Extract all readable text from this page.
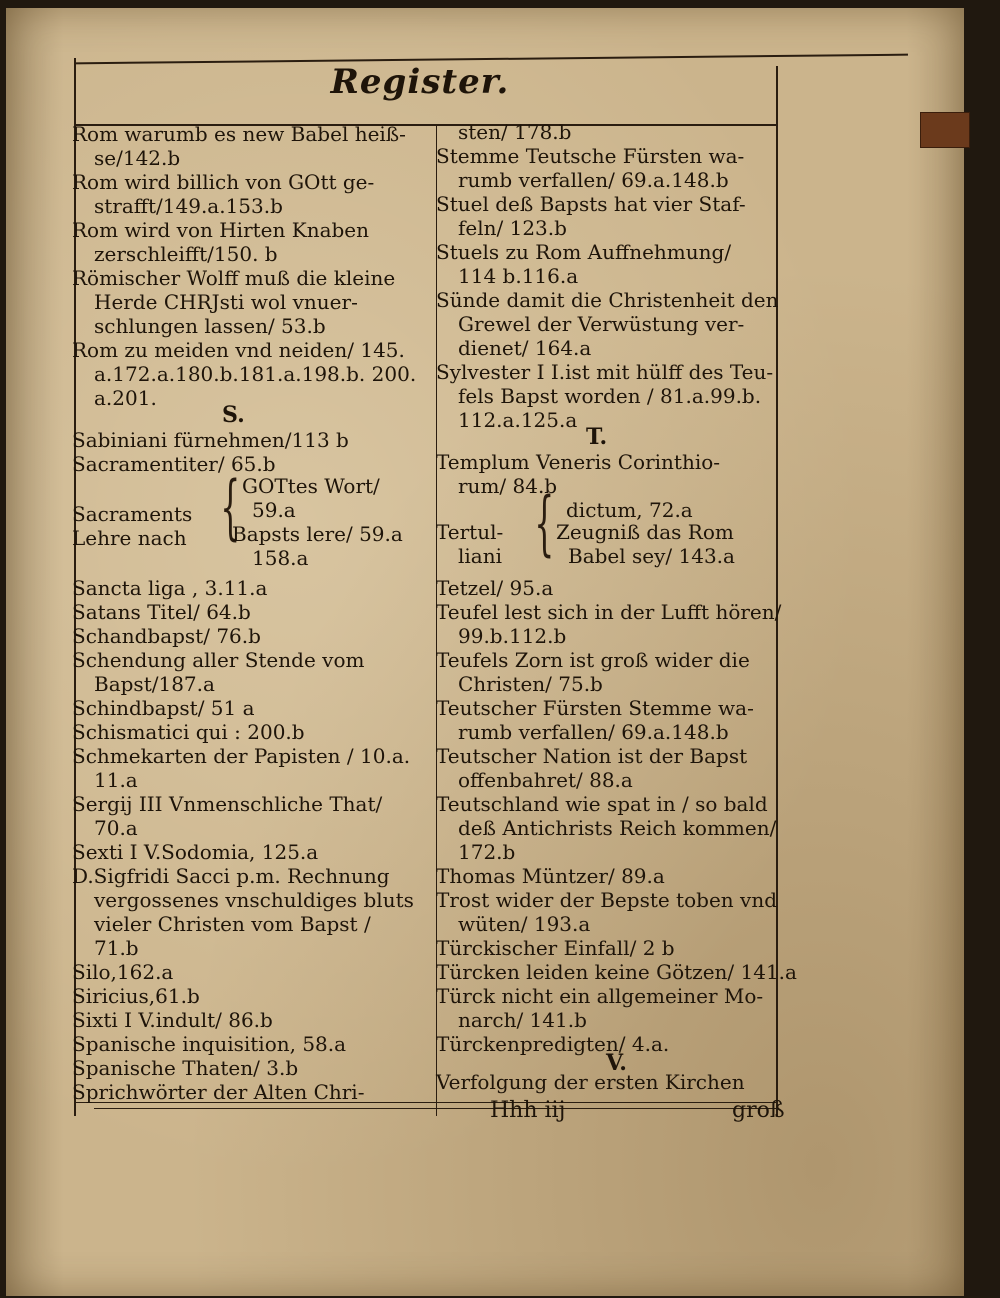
Register.
Rom warumb es new Babel heiß-
se/142.b
Rom wird billich von GOtt ge-
strafft/149.a.153.b
Rom wird von Hirten Knaben
zerschleifft/150. b
Römischer Wolff muß die kleine
Herde CHRJsti wol vnuer-
schlungen lassen/ 53.b
Rom zu meiden vnd neiden/ 145.
a.172.a.180.b.181.a.198.b. 200.
a.201.
S.
Sabiniani fürnehmen/113 b
Sacramentiter/ 65.b
GOTtes Wort/
59.a
{
Sacraments
Lehre nach Bapsts lere/ 59.a
158.a
Sancta liga , 3.11.a
Satans Titel/ 64.b
Schandbapst/ 76.b
Schendung aller Stende vom
Bapst/187.a
Schindbapst/ 51 a
Schismatici qui : 200.b
Schmekarten der Papisten / 10.a.
11.a
Sergij III Vnmenschliche That/
70.a
Sexti I V.Sodomia, 125.a
D.Sigfridi Sacci p.m. Rechnung
vergossenes vnschuldiges bluts
vieler Christen vom Bapst /
71.b
Silo,162.a
Siricius,61.b
Sixti I V.indult/ 86.b
Spanische inquisition, 58.a
Spanische Thaten/ 3.b
Sprichwörter der Alten Chri-
sten/ 178.b
Stemme Teutsche Fürsten wa-
rumb verfallen/ 69.a.148.b
Stuel deß Bapsts hat vier Staf-
feln/ 123.b
Stuels zu Rom Auffnehmung/
114 b.116.a
Sünde damit die Christenheit den
Grewel der Verwüstung ver-
dienet/ 164.a
Sylvester I I.ist mit hülff des Teu-
fels Bapst worden / 81.a.99.b.
112.a.125.a
T.
Templum Veneris Corinthio-
rum/ 84.b
dictum, 72.a
Tertul-
liani { Zeugniß das Rom
Babel sey/ 143.a
Tetzel/ 95.a
Teufel lest sich in der Lufft hören/
99.b.112.b
Teufels Zorn ist groß wider die
Christen/ 75.b
Teutscher Fürsten Stemme wa-
rumb verfallen/ 69.a.148.b
Teutscher Nation ist der Bapst
offenbahret/ 88.a
Teutschland wie spat in / so bald
deß Antichrists Reich kommen/
172.b
Thomas Müntzer/ 89.a
Trost wider der Bepste toben vnd
wüten/ 193.a
Türckischer Einfall/ 2 b
Türcken leiden keine Götzen/ 141.a
Türck nicht ein allgemeiner Mo-
narch/ 141.b
Türckenpredigten/ 4.a.
V.
Verfolgung der ersten Kirchen
Hhh iij	groß
